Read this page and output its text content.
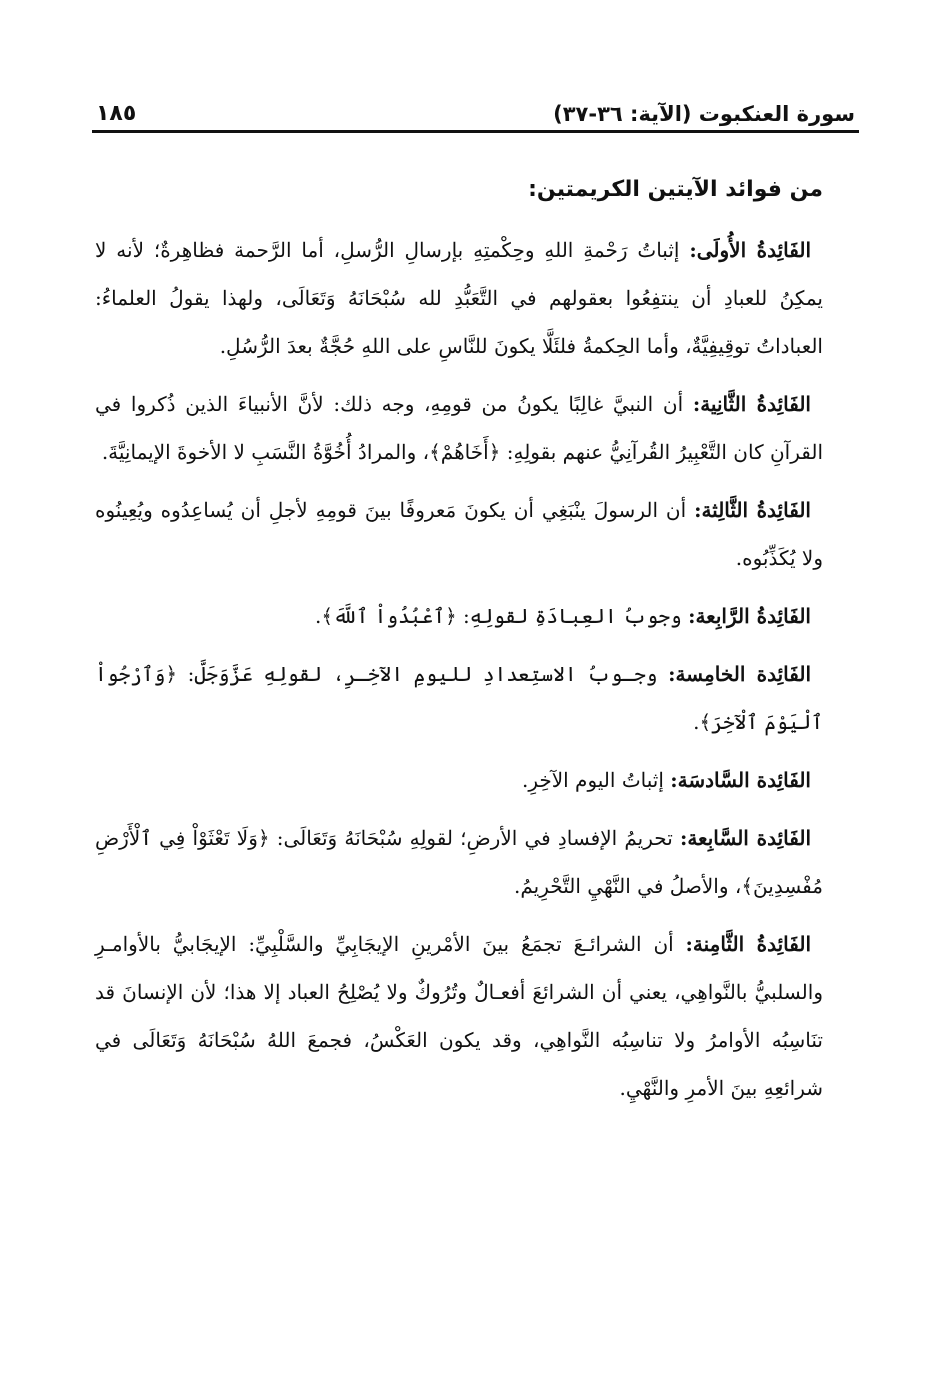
سورة العنكبوت (الآية: ٣٦-٣٧)
١٨٥
من فوائد الآيتين الكريمتين:

الفَائِدةُ الأُولَى: إثباتُ رَحْمةِ اللهِ وحِكْمتِهِ بإرسالِ الرُّسلِ، أما الرَّحمة فظاهِرةٌ؛ لأنه لا يمكِنُ للعبادِ أن ينتفِعُوا بعقولهم في التَّعَبُّدِ لله سُبْحَانَهُ وَتَعَالَى، ولهذا يقولُ العلماءُ: العباداتُ توقِيفِيَّةٌ، وأما الحِكمةُ فلئَلَّا يكونَ للنَّاسِ على اللهِ حُجَّةٌ بعدَ الرُّسُلِ.

الفَائِدةُ الثَّانِية: أن النبيَّ غالِبًا يكونُ من قومِهِ، وجه ذلك: لأنَّ الأنبياءَ الذين ذُكروا في القرآنِ كان التَّعْبِيرُ القُرآنِيُّ عنهم بقولِهِ: ﴿أَخَاهُمْ﴾، والمرادُ أُخُوَّةُ النَّسَبِ لا الأخوةَ الإيمانِيَّةَ.

الفَائِدةُ الثَّالِثة: أن الرسولَ ينْبَغِي أن يكونَ مَعروفًا بينَ قومِهِ لأجلِ أن يُساعِدُوه ويُعِينُوه ولا يُكَذِّبُوه.

الفَائِدةُ الرَّابِعة: وجوبُ العِبادَةِ لقولِهِ: ﴿ٱعْبُدُواْ ٱللَّهَ﴾.

الفَائِدة الخامِسة: وجـوبُ الاستِعدادِ لليومِ الآخِـرِ، لقولِهِ عَزَّوَجَلَّ: ﴿وَٱرْجُواْ ٱلْيَوْمَ ٱلْآخِرَ﴾.

الفَائِدة السَّادسَة: إثباتُ اليوم الآخِرِ.

الفَائِدة السَّابِعة: تحريمُ الإفسادِ في الأرضِ؛ لقولِهِ سُبْحَانَهُ وَتَعَالَى: ﴿وَلَا تَعْثَوْاْ فِي ٱلْأَرْضِ مُفْسِدِينَ﴾، والأصلُ في النَّهْيِ التَّحْرِيمُ.

الفَائِدةُ الثَّامِنة: أن الشرائـعَ تجمَعُ بينَ الأمْرينِ الإيجَابِيِّ والسَّلْبِيِّ: الإيجَابيُّ بالأوامـرِ والسلبيُّ بالنَّواهِي، يعني أن الشرائعَ أفعـالٌ وتُرُوكٌ ولا يُصْلِحُ العباد إلا هذا؛ لأن الإنسانَ قد تنَاسِبُه الأوامرُ ولا تناسِبُه النَّواهِي، وقد يكون العَكْسُ، فجمعَ اللهُ سُبْحَانَهُ وَتَعَالَى في شرائعِهِ بينَ الأمرِ والنَّهْيِ.
